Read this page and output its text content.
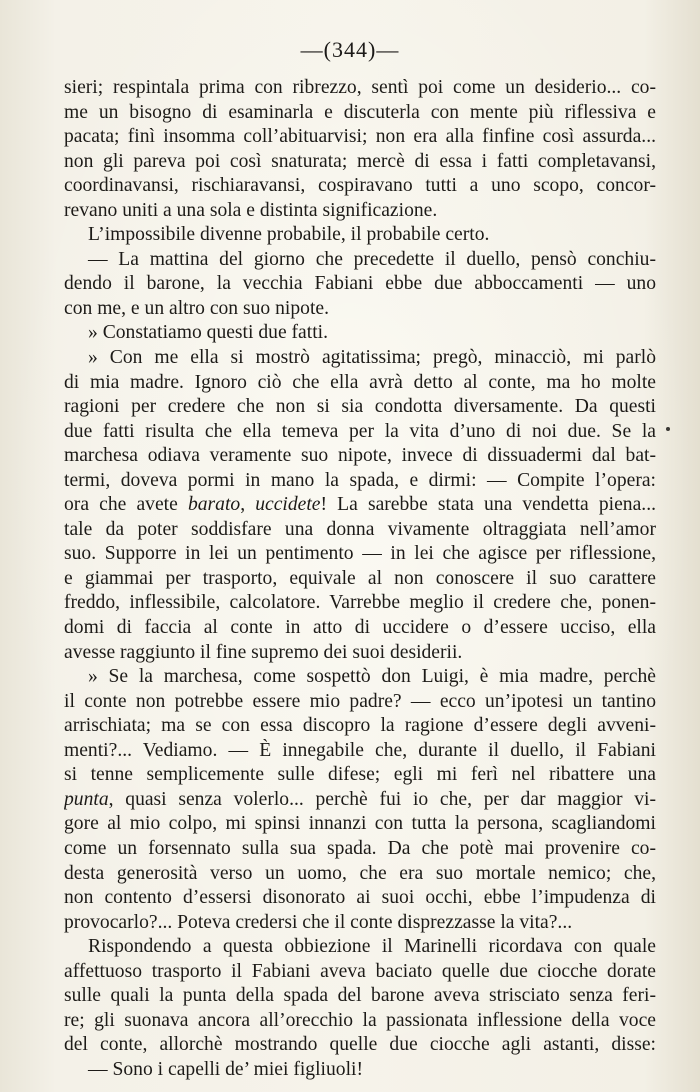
—(344)—
sieri; respintala prima con ribrezzo, sentì poi come un desiderio... co-
me un bisogno di esaminarla e discuterla con mente più riflessiva e
pacata; finì insomma coll’abituarvisi; non era alla finfine così assurda...
non gli pareva poi così snaturata; mercè di essa i fatti completavansi,
coordinavansi, rischiaravansi, cospiravano tutti a uno scopo, concor-
revano uniti a una sola e distinta significazione.
L’impossibile divenne probabile, il probabile certo.
— La mattina del giorno che precedette il duello, pensò conchiu-
dendo il barone, la vecchia Fabiani ebbe due abboccamenti — uno
con me, e un altro con suo nipote.
» Constatiamo questi due fatti.
» Con me ella si mostrò agitatissima; pregò, minacciò, mi parlò
di mia madre. Ignoro ciò che ella avrà detto al conte, ma ho molte
ragioni per credere che non si sia condotta diversamente. Da questi
due fatti risulta che ella temeva per la vita d’uno di noi due. Se la
marchesa odiava veramente suo nipote, invece di dissuadermi dal bat-
termi, doveva pormi in mano la spada, e dirmi: — Compite l’opera:
ora che avete barato, uccidete! La sarebbe stata una vendetta piena...
tale da poter soddisfare una donna vivamente oltraggiata nell’amor
suo. Supporre in lei un pentimento — in lei che agisce per riflessione,
e giammai per trasporto, equivale al non conoscere il suo carattere
freddo, inflessibile, calcolatore. Varrebbe meglio il credere che, ponen-
domi di faccia al conte in atto di uccidere o d’essere ucciso, ella
avesse raggiunto il fine supremo dei suoi desiderii.
» Se la marchesa, come sospettò don Luigi, è mia madre, perchè
il conte non potrebbe essere mio padre? — ecco un’ipotesi un tantino
arrischiata; ma se con essa discopro la ragione d’essere degli avveni-
menti?... Vediamo. — È innegabile che, durante il duello, il Fabiani
si tenne semplicemente sulle difese; egli mi ferì nel ribattere una
punta, quasi senza volerlo... perchè fui io che, per dar maggior vi-
gore al mio colpo, mi spinsi innanzi con tutta la persona, scagliandomi
come un forsennato sulla sua spada. Da che potè mai provenire co-
desta generosità verso un uomo, che era suo mortale nemico; che,
non contento d’essersi disonorato ai suoi occhi, ebbe l’impudenza di
provocarlo?... Poteva credersi che il conte disprezzasse la vita?...
Rispondendo a questa obbiezione il Marinelli ricordava con quale
affettuoso trasporto il Fabiani aveva baciato quelle due ciocche dorate
sulle quali la punta della spada del barone aveva strisciato senza feri-
re; gli suonava ancora all’orecchio la passionata inflessione della voce
del conte, allorchè mostrando quelle due ciocche agli astanti, disse:
— Sono i capelli de’ miei figliuoli!
